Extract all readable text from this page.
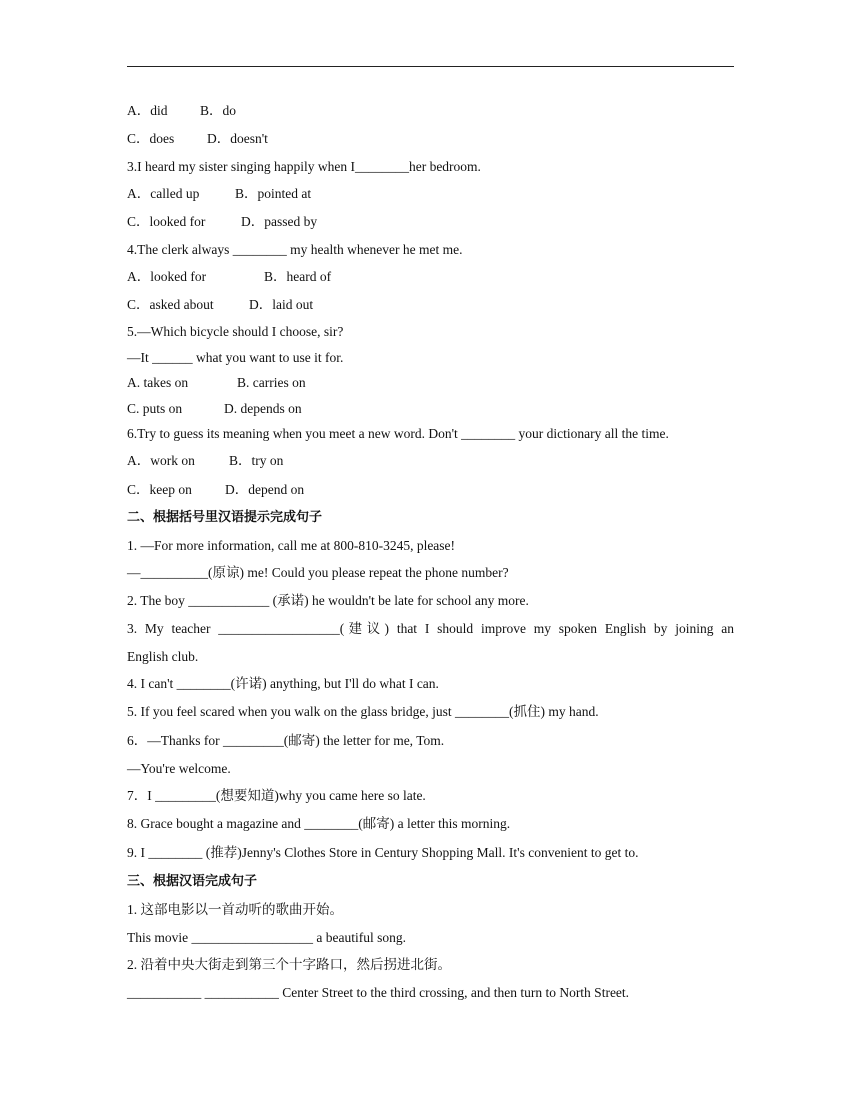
A．did B．do
C．does D．doesn't
3.I heard my sister singing happily when I________her bedroom.
A．called up	B．pointed at
C．looked for	D．passed by
4.The clerk always ________ my health whenever he met me.
A．looked for	B．heard of
C．asked about	D．laid out
5.—Which bicycle should I choose, sir?
—It ______ what you want to use it for.
A. takes on	B. carries on
C. puts on	D. depends on
6.Try to guess its meaning when you meet a new word. Don't ________ your dictionary all the time.
A．work on	B．try on
C．keep on D．depend on
二、根据括号里汉语提示完成句子
1. —For more information, call me at 800-810-3245, please!
—__________(原谅) me! Could you please repeat the phone number?
2. The boy ____________ (承诺) he wouldn't be late for school any more.
3. My teacher __________________(建议) that I should improve my spoken English by joining an
English club.
4. I can't ________(许诺) anything, but I'll do what I can.
5. If you feel scared when you walk on the glass bridge, just ________(抓住) my hand.
6．—Thanks for _________(邮寄) the letter for me, Tom.
—You're welcome.
7．I _________(想要知道)why you came here so late.
8. Grace bought a magazine and ________(邮寄) a letter this morning.
9. I ________ (推荐)Jenny's Clothes Store in Century Shopping Mall. It's convenient to get to.
三、根据汉语完成句子
1. 这部电影以一首动听的歌曲开始。
This movie __________________ a beautiful song.
2. 沿着中央大街走到第三个十字路口，然后拐进北街。
___________ ___________ Center Street to the third crossing, and then turn to North Street.
